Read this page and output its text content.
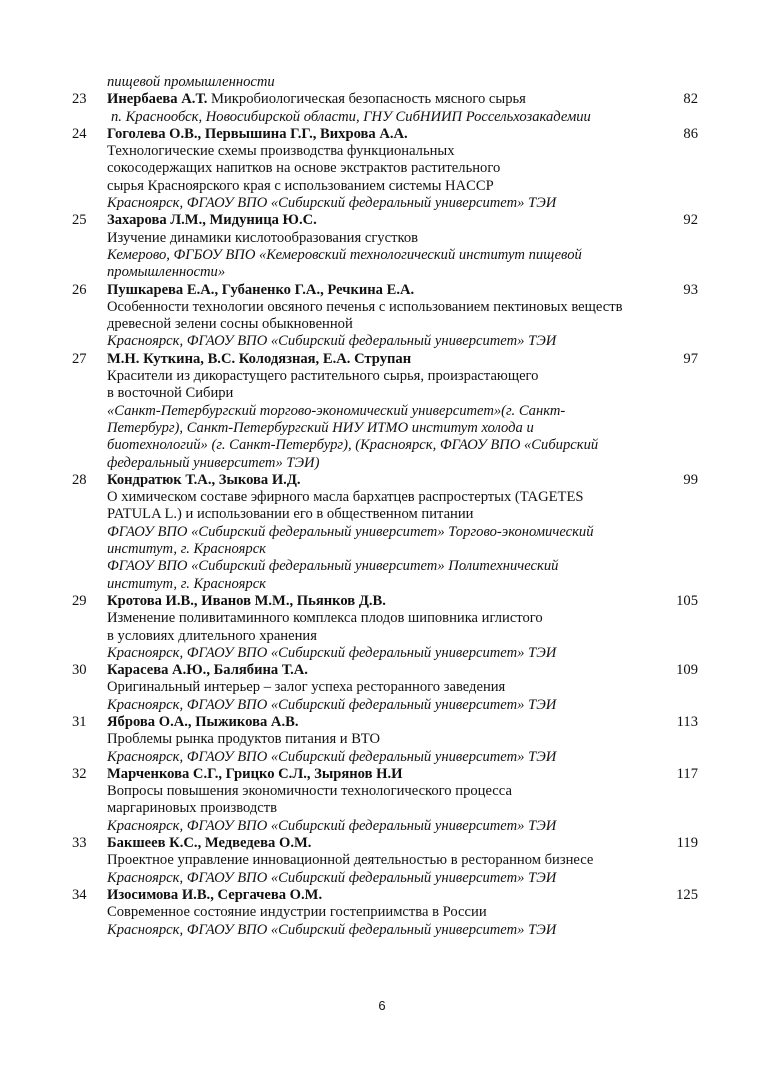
пищевой промышленности
23	82
Инербаева А.Т. Микробиологическая безопасность мясного сырья
п. Краснообск, Новосибирской области, ГНУ СибНИИП Россельхозакадемии
24	86
Гоголева О.В., Первышина Г.Г., Вихрова А.А.
Технологические схемы производства функциональных
сокосодержащих напитков на основе экстрактов растительного
сырья Красноярского края с использованием системы HACCP
Красноярск, ФГАОУ ВПО «Сибирский федеральный университет» ТЭИ
25	92
Захарова Л.М., Мидуница Ю.С.
Изучение динамики кислотообразования сгустков
Кемерово, ФГБОУ ВПО «Кемеровский технологический институт пищевой
промышленности»
26	93
Пушкарева Е.А., Губаненко Г.А., Речкина Е.А.
Особенности технологии овсяного печенья с использованием пектиновых веществ
древесной зелени сосны обыкновенной
Красноярск, ФГАОУ ВПО «Сибирский федеральный университет» ТЭИ
27	97
М.Н. Куткина, В.С. Колодязная, Е.А. Струпан
Красители из дикорастущего растительного сырья, произрастающего
в восточной Сибири
«Санкт-Петербургский торгово-экономический университет»(г. Санкт-
Петербург), Санкт-Петербургский НИУ ИТМО институт холода и
биотехнологий» (г. Санкт-Петербург), (Красноярск, ФГАОУ ВПО «Сибирский
федеральный университет» ТЭИ)
28	99
Кондратюк Т.А., Зыкова И.Д.
О химическом составе эфирного масла бархатцев распростертых (TAGETES
PATULA L.) и использовании его в общественном питании
ФГАОУ ВПО «Сибирский федеральный университет» Торгово-экономический
институт, г. Красноярск
ФГАОУ ВПО «Сибирский федеральный университет» Политехнический
институт, г. Красноярск
29	105
Кротова И.В., Иванов М.М., Пьянков Д.В.
Изменение поливитаминного комплекса плодов шиповника иглистого
в условиях длительного хранения
Красноярск, ФГАОУ ВПО «Сибирский федеральный университет» ТЭИ
30	109
Карасева А.Ю., Балябина Т.А.
Оригинальный интерьер – залог успеха ресторанного заведения
Красноярск, ФГАОУ ВПО «Сибирский федеральный университет» ТЭИ
31	113
Яброва О.А., Пыжикова А.В.
Проблемы рынка продуктов питания и ВТО
Красноярск, ФГАОУ ВПО «Сибирский федеральный университет» ТЭИ
32	117
Марченкова С.Г., Грицко С.Л., Зырянов Н.И
Вопросы повышения экономичности технологического процесса
маргариновых производств
Красноярск, ФГАОУ ВПО «Сибирский федеральный университет» ТЭИ
33	119
Бакшеев К.С., Медведева О.М.
Проектное управление инновационной деятельностью в ресторанном бизнесе
Красноярск, ФГАОУ ВПО «Сибирский федеральный университет» ТЭИ
34	125
Изосимова И.В., Сергачева О.М.
Современное состояние индустрии гостеприимства в России
Красноярск, ФГАОУ ВПО «Сибирский федеральный университет» ТЭИ
6
